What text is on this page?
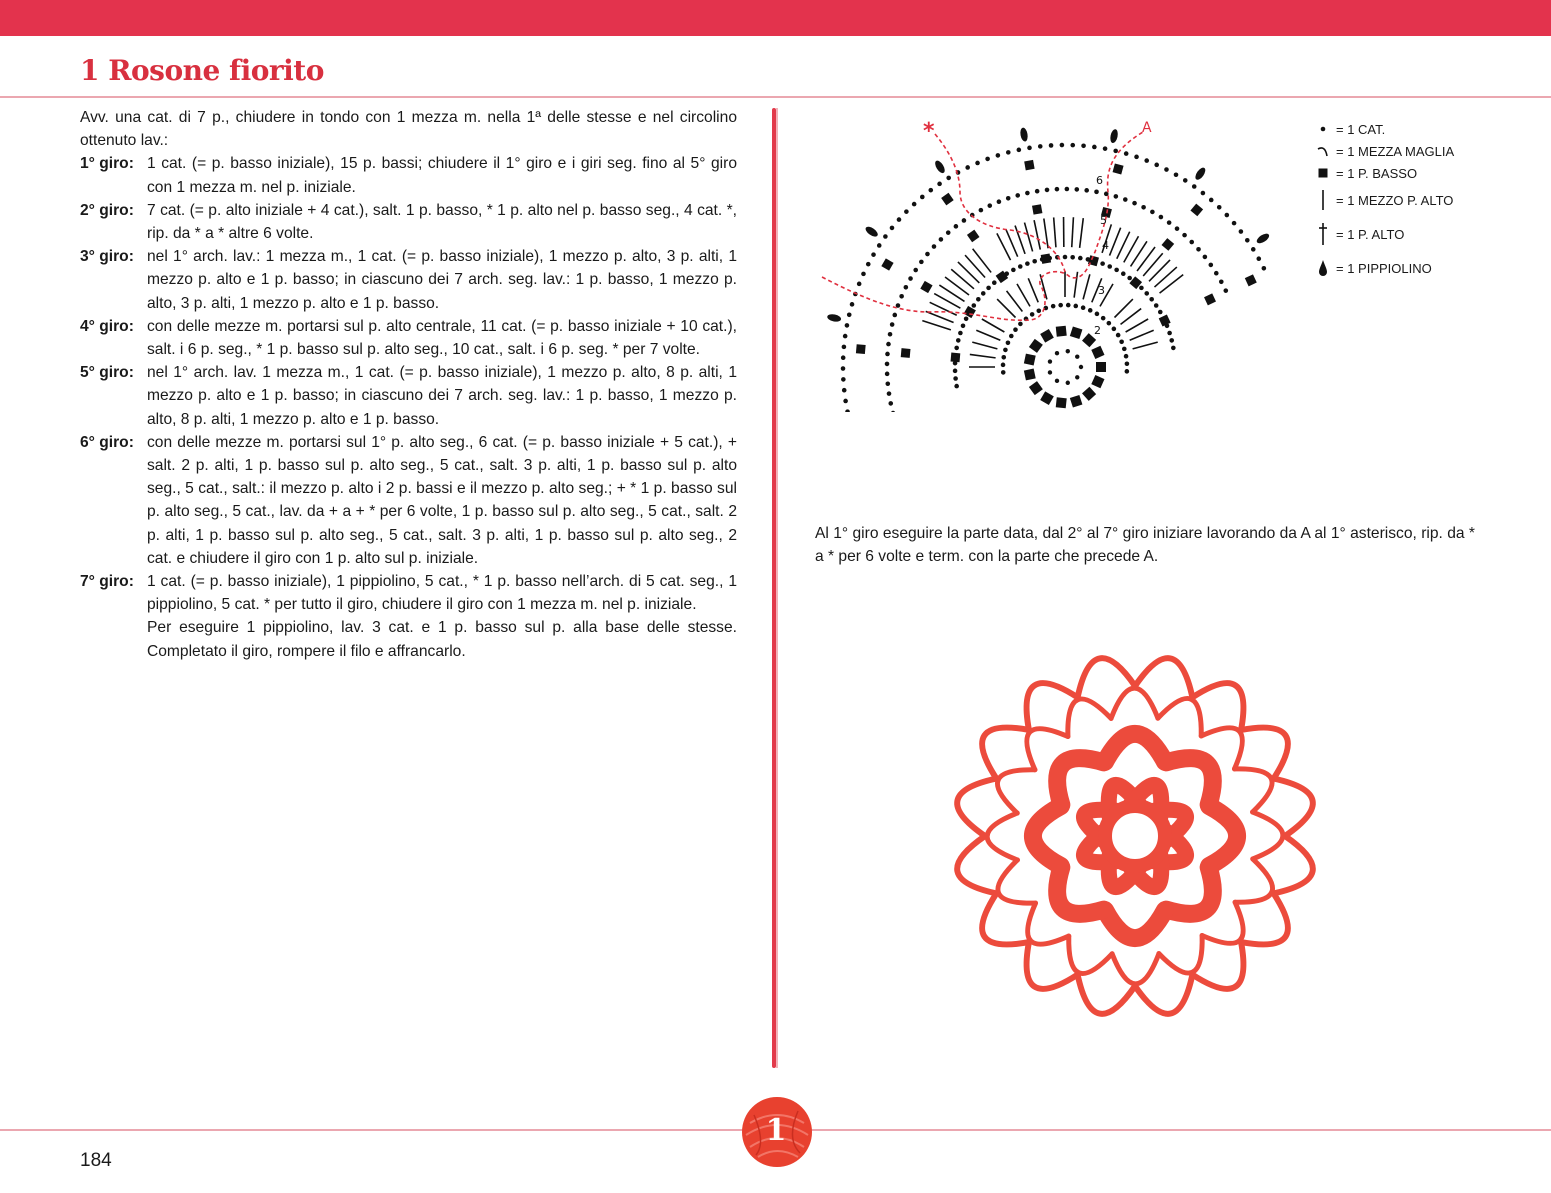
1 Rosone fiorito

Avv. una cat. di 7 p., chiudere in tondo con 1 mezza m. nella 1ª delle stesse e nel circolino ottenuto lav.:

1° giro: 1 cat. (= p. basso iniziale), 15 p. bassi; chiudere il 1° giro e i giri seg. fino al 5° giro con 1 mezza m. nel p. iniziale.

2° giro: 7 cat. (= p. alto iniziale + 4 cat.), salt. 1 p. basso, * 1 p. alto nel p. basso seg., 4 cat. *, rip. da * a * altre 6 volte.

3° giro: nel 1° arch. lav.: 1 mezza m., 1 cat. (= p. basso iniziale), 1 mezzo p. alto, 3 p. alti, 1 mezzo p. alto e 1 p. basso; in ciascuno dei 7 arch. seg. lav.: 1 p. basso, 1 mezzo p. alto, 3 p. alti, 1 mezzo p. alto e 1 p. basso.

4° giro: con delle mezze m. portarsi sul p. alto centrale, 11 cat. (= p. basso iniziale + 10 cat.), salt. i 6 p. seg., * 1 p. basso sul p. alto seg., 10 cat., salt. i 6 p. seg. * per 7 volte.

5° giro: nel 1° arch. lav. 1 mezza m., 1 cat. (= p. basso iniziale), 1 mezzo p. alto, 8 p. alti, 1 mezzo p. alto e 1 p. basso; in ciascuno dei 7 arch. seg. lav.: 1 p. basso, 1 mezzo p. alto, 8 p. alti, 1 mezzo p. alto e 1 p. basso.

6° giro: con delle mezze m. portarsi sul 1° p. alto seg., 6 cat. (= p. basso iniziale + 5 cat.), + salt. 2 p. alti, 1 p. basso sul p. alto seg., 5 cat., salt. 3 p. alti, 1 p. basso sul p. alto seg., 5 cat., salt.: il mezzo p. alto i 2 p. bassi e il mezzo p. alto seg.; + * 1 p. basso sul p. alto seg., 5 cat., lav. da + a + * per 6 volte, 1 p. basso sul p. alto seg., 5 cat., salt. 2 p. alti, 1 p. basso sul p. alto seg., 5 cat., salt. 3 p. alti, 1 p. basso sul p. alto seg., 2 cat. e chiudere il giro con 1 p. alto sul p. iniziale.

7° giro: 1 cat. (= p. basso iniziale), 1 pippiolino, 5 cat., * 1 p. basso nell’arch. di 5 cat. seg., 1 pippiolino, 5 cat. * per tutto il giro, chiudere il giro con 1 mezza m. nel p. iniziale.

Per eseguire 1 pippiolino, lav. 3 cat. e 1 p. basso sul p. alla base delle stesse. Completato il giro, rompere il filo e affrancarlo.

*	A
2
3
4
5
6
= 1 CAT.
= 1 MEZZA MAGLIA
= 1 P. BASSO
= 1 MEZZO P. ALTO
= 1 P. ALTO
= 1 PIPPIOLINO

Al 1° giro eseguire la parte data, dal 2° al 7° giro iniziare lavorando da A al 1° asterisco, rip. da * a * per 6 volte e term. con la parte che precede A.

1
184
